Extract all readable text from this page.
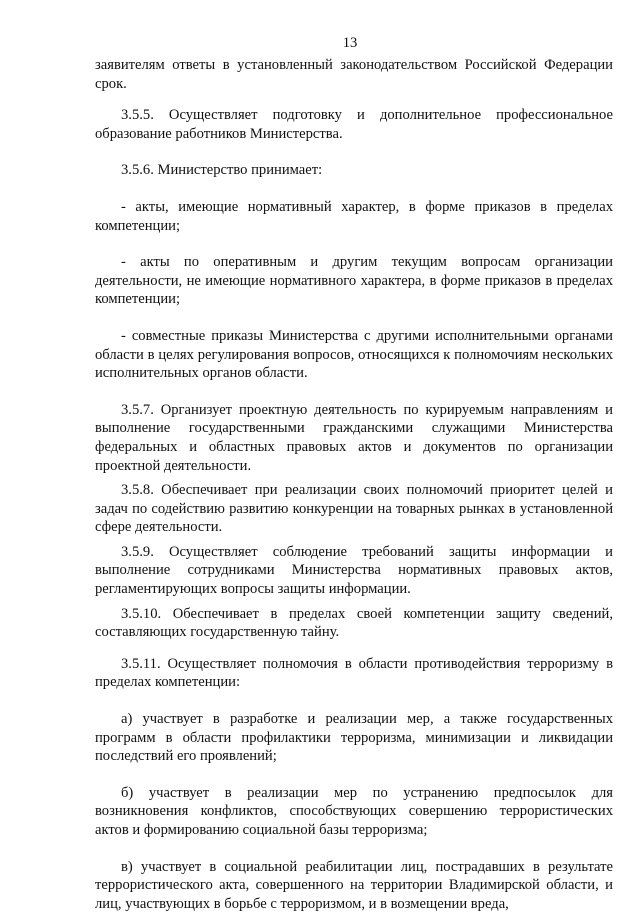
13

заявителям ответы в установленный законодательством Российской Федерации срок.

3.5.5. Осуществляет подготовку и дополнительное профессиональное образование работников Министерства.

3.5.6. Министерство принимает:

- акты, имеющие нормативный характер, в форме приказов в пределах компетенции;

- акты по оперативным и другим текущим вопросам организации деятельности, не имеющие нормативного характера, в форме приказов в пределах компетенции;

- совместные приказы Министерства с другими исполнительными органами области в целях регулирования вопросов, относящихся к полномочиям нескольких исполнительных органов области.

3.5.7. Организует проектную деятельность по курируемым направлениям и выполнение государственными гражданскими служащими Министерства федеральных и областных правовых актов и документов по организации проектной деятельности.

3.5.8. Обеспечивает при реализации своих полномочий приоритет целей и задач по содействию развитию конкуренции на товарных рынках в установленной сфере деятельности.

3.5.9. Осуществляет соблюдение требований защиты информации и выполнение сотрудниками Министерства нормативных правовых актов, регламентирующих вопросы защиты информации.

3.5.10. Обеспечивает в пределах своей компетенции защиту сведений, составляющих государственную тайну.

3.5.11. Осуществляет полномочия в области противодействия терроризму в пределах компетенции:

а) участвует в разработке и реализации мер, а также государственных программ в области профилактики терроризма, минимизации и ликвидации последствий его проявлений;

б) участвует в реализации мер по устранению предпосылок для возникновения конфликтов, способствующих совершению террористических актов и формированию социальной базы терроризма;

в) участвует в социальной реабилитации лиц, пострадавших в результате террористического акта, совершенного на территории Владимирской области, и лиц, участвующих в борьбе с терроризмом, и в возмещении вреда,
